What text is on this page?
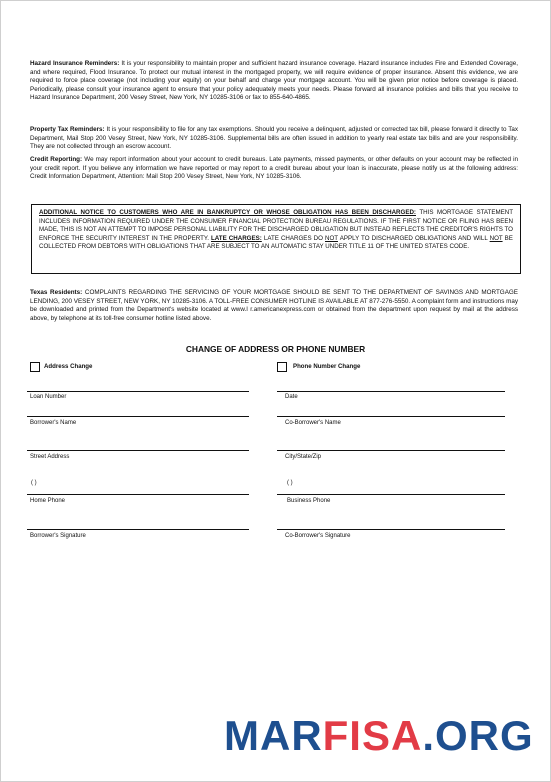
Hazard Insurance Reminders: It is your responsibility to maintain proper and sufficient hazard insurance coverage. Hazard insurance includes Fire and Extended Coverage, and where required, Flood Insurance. To protect our mutual interest in the mortgaged property, we will require evidence of proper insurance. Absent this evidence, we are required to force place coverage (not including your equity) on your behalf and charge your mortgage account. You will be given prior notice before coverage is placed. Periodically, please consult your insurance agent to ensure that your policy adequately meets your needs. Please forward all insurance policies and bills that you receive to Hazard Insurance Department, 200 Vesey Street, New York, NY 10285-3106 or fax to 855-640-4865.
Property Tax Reminders: It is your responsibility to file for any tax exemptions. Should you receive a delinquent, adjusted or corrected tax bill, please forward it directly to Tax Department, Mail Stop 200 Vesey Street, New York, NY 10285-3106. Supplemental bills are often issued in addition to yearly real estate tax bills and are your responsibility. They are not collected through an escrow account.
Credit Reporting: We may report information about your account to credit bureaus. Late payments, missed payments, or other defaults on your account may be reflected in your credit report. If you believe any information we have reported or may report to a credit bureau about your loan is inaccurate, please notify us at the following address: Credit Information Department, Attention: Mail Stop 200 Vesey Street, New York, NY 10285-3106.
ADDITIONAL NOTICE TO CUSTOMERS WHO ARE IN BANKRUPTCY OR WHOSE OBLIGATION HAS BEEN DISCHARGED: THIS MORTGAGE STATEMENT INCLUDES INFORMATION REQUIRED UNDER THE CONSUMER FINANCIAL PROTECTION BUREAU REGULATIONS. IF THE FIRST NOTICE OR FILING HAS BEEN MADE, THIS IS NOT AN ATTEMPT TO IMPOSE PERSONAL LIABILITY FOR THE DISCHARGED OBLIGATION BUT INSTEAD REFLECTS THE CREDITOR'S RIGHTS TO ENFORCE THE SECURITY INTEREST IN THE PROPERTY. LATE CHARGES: LATE CHARGES DO NOT APPLY TO DISCHARGED OBLIGATIONS AND WILL NOT BE COLLECTED FROM DEBTORS WITH OBLIGATIONS THAT ARE SUBJECT TO AN AUTOMATIC STAY UNDER TITLE 11 OF THE UNITED STATES CODE.
Texas Residents: COMPLAINTS REGARDING THE SERVICING OF YOUR MORTGAGE SHOULD BE SENT TO THE DEPARTMENT OF SAVINGS AND MORTGAGE LENDING, 200 VESEY STREET, NEW YORK, NY 10285-3106. A TOLL-FREE CONSUMER HOTLINE IS AVAILABLE AT 877-276-5550. A complaint form and instructions may be downloaded and printed from the Department's website located at www.l r.americanexpress.com or obtained from the department upon request by mail at the address above, by telephone at its toll-free consumer hotline listed above.
CHANGE OF ADDRESS OR PHONE NUMBER
Address Change	Phone Number Change
Loan Number	Date
Borrower's Name	Co-Borrower's Name
Street Address	City/State/Zip
( )	( )
Home Phone	Business Phone
Borrower's Signature	Co-Borrower's Signature
MARFISA.ORG
